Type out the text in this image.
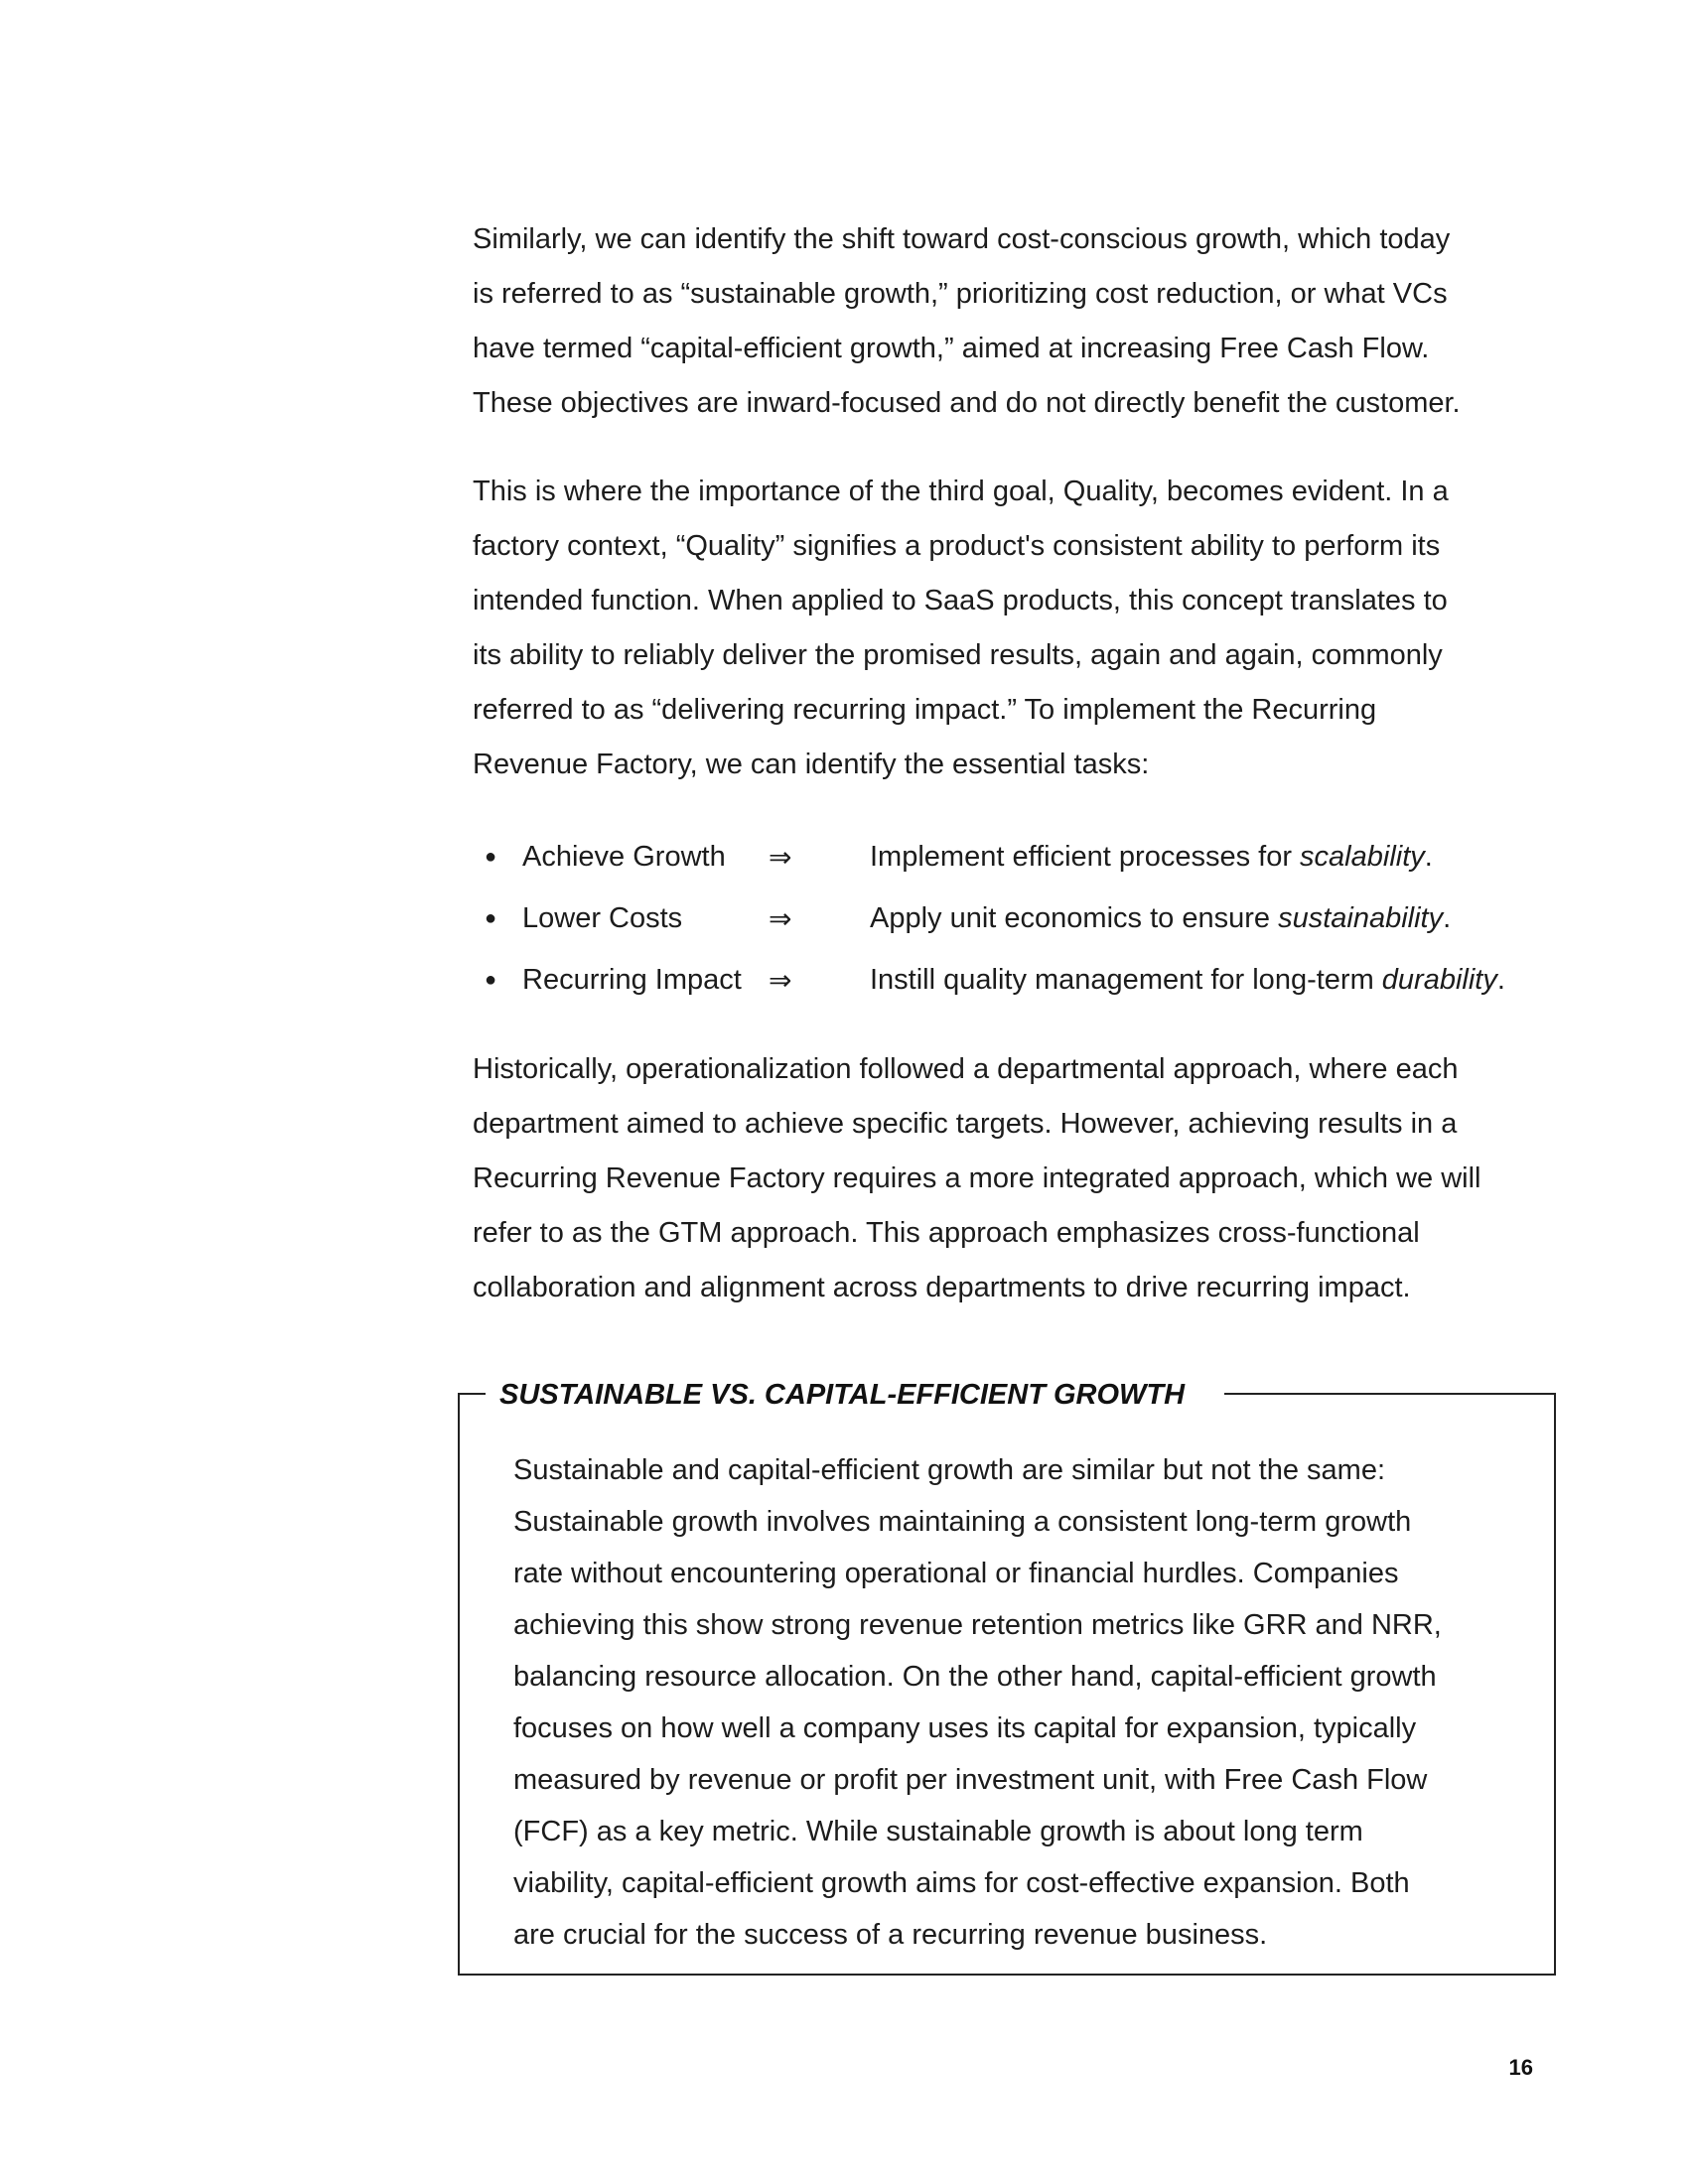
Similarly, we can identify the shift toward cost-conscious growth, which today
is referred to as “sustainable growth,” prioritizing cost reduction, or what VCs
have termed “capital-efficient growth,” aimed at increasing Free Cash Flow.
These objectives are inward-focused and do not directly benefit the customer.

This is where the importance of the third goal, Quality, becomes evident. In a
factory context, “Quality” signifies a product's consistent ability to perform its
intended function. When applied to SaaS products, this concept translates to
its ability to reliably deliver the promised results, again and again, commonly
referred to as “delivering recurring impact.” To implement the Recurring
Revenue Factory, we can identify the essential tasks:

● Achieve Growth	⇒	Implement efficient processes for scalability.
● Lower Costs	⇒	Apply unit economics to ensure sustainability.
● Recurring Impact ⇒	Instill quality management for long-term durability.

Historically, operationalization followed a departmental approach, where each
department aimed to achieve specific targets. However, achieving results in a
Recurring Revenue Factory requires a more integrated approach, which we will
refer to as the GTM approach. This approach emphasizes cross-functional
collaboration and alignment across departments to drive recurring impact.

SUSTAINABLE VS. CAPITAL-EFFICIENT GROWTH
Sustainable and capital-efficient growth are similar but not the same:
Sustainable growth involves maintaining a consistent long-term growth
rate without encountering operational or financial hurdles. Companies
achieving this show strong revenue retention metrics like GRR and NRR,
balancing resource allocation. On the other hand, capital-efficient growth
focuses on how well a company uses its capital for expansion, typically
measured by revenue or profit per investment unit, with Free Cash Flow
(FCF) as a key metric. While sustainable growth is about long term
viability, capital-efficient growth aims for cost-effective expansion. Both
are crucial for the success of a recurring revenue business.
16
